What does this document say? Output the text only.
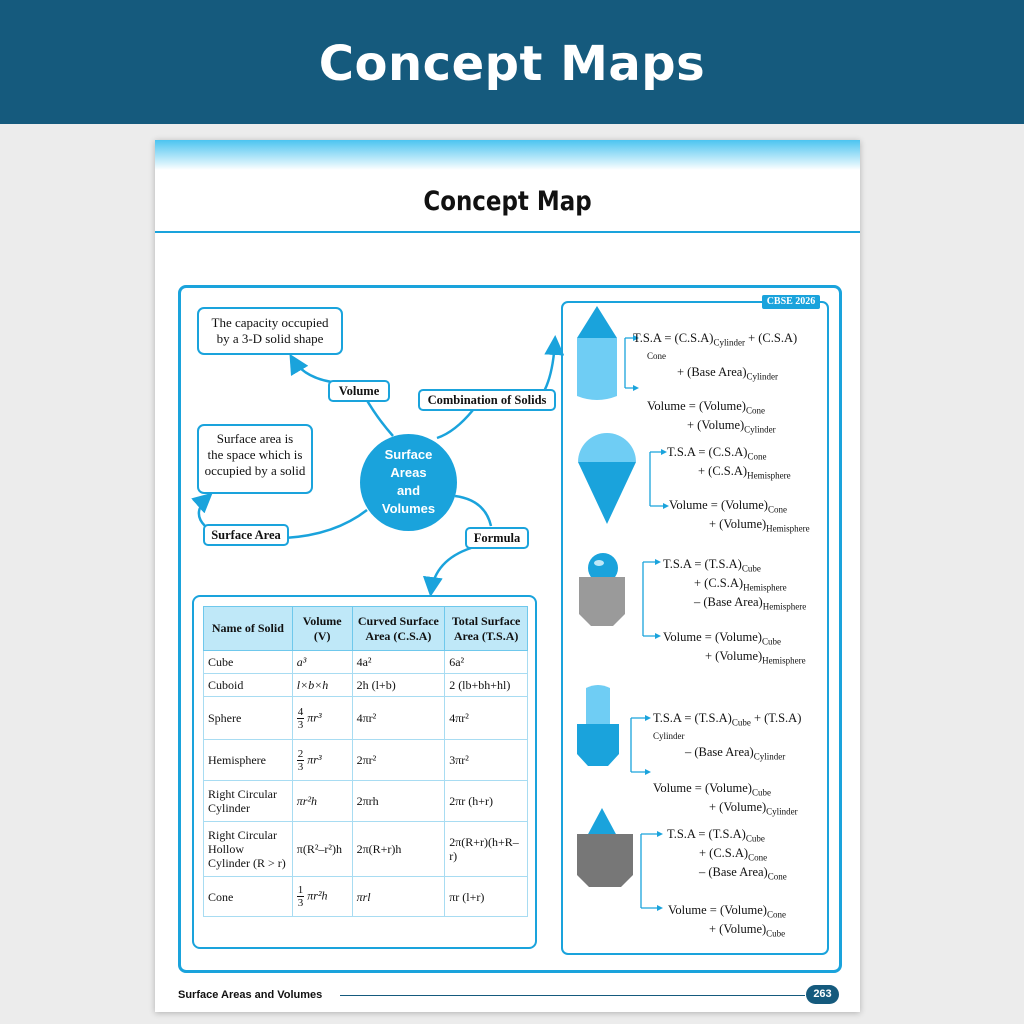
Concept Maps
Concept Map
The capacity occupied
by a 3-D solid shape
Surface area is
the space which is
occupied by a solid
Volume
Combination of Solids
Surface Area	Formula
Surface
Areas
and
Volumes
Name of Solid	Volume (V)	Curved Surface Area (C.S.A)	Total Surface Area (T.S.A)
Cube	a³	4a²	6a²
Cuboid	l×b×h	2h (l+b)	2 (lb+bh+hl)
Sphere	$\frac{4}{3} \pi r^3$	4πr²	4πr²
Hemisphere	$\frac{2}{3} \pi r^3$	2πr²	3πr²
Right Circular Cylinder	πr²h	2πrh	2πr (h+r)
Right Circular Hollow Cylinder (R > r)	π(R²–r²)h	2π(R+r)h	2π(R+r)(h+R–r)
Cone	$\frac{1}{3} \pi r^2h$	πrl	πr (l+r)
CBSE 2026
$T.S.A = (C.S.A)_{Cylinder} + (C.S.A)$
Cone
+ (Base $Area)_{Cylinder}$
Volume = $(Volume)_{Cone}$
+ $(Volume)_{Cylinder}$
$T.S.A = (C.S.A)_{Cone}$
+ $(C.S.A)_{Hemisphere}$
Volume = $(Volume)_{Cone}$
+ $(Volume)_{Hemisphere}$
$T.S.A = (T.S.A)_{Cube}$
+ $(C.S.A)_{Hemisphere}$
– (Base $Area)_{Hemisphere}$
Volume = $(Volume)_{Cube}$
+ $(Volume)_{Hemisphere}$
$T.S.A = (T.S.A)_{Cube} + (T.S.A)$
Cylinder
– (Base $Area)_{Cylinder}$
Volume = $(Volume)_{Cube}$
+ $(Volume)_{Cylinder}$
$T.S.A = (T.S.A)_{Cube}$
+ $(C.S.A)_{Cone}$
– (Base $Area)_{Cone}$
Volume = $(Volume)_{Cone}$
+ $(Volume)_{Cube}$
Surface Areas and Volumes	263
